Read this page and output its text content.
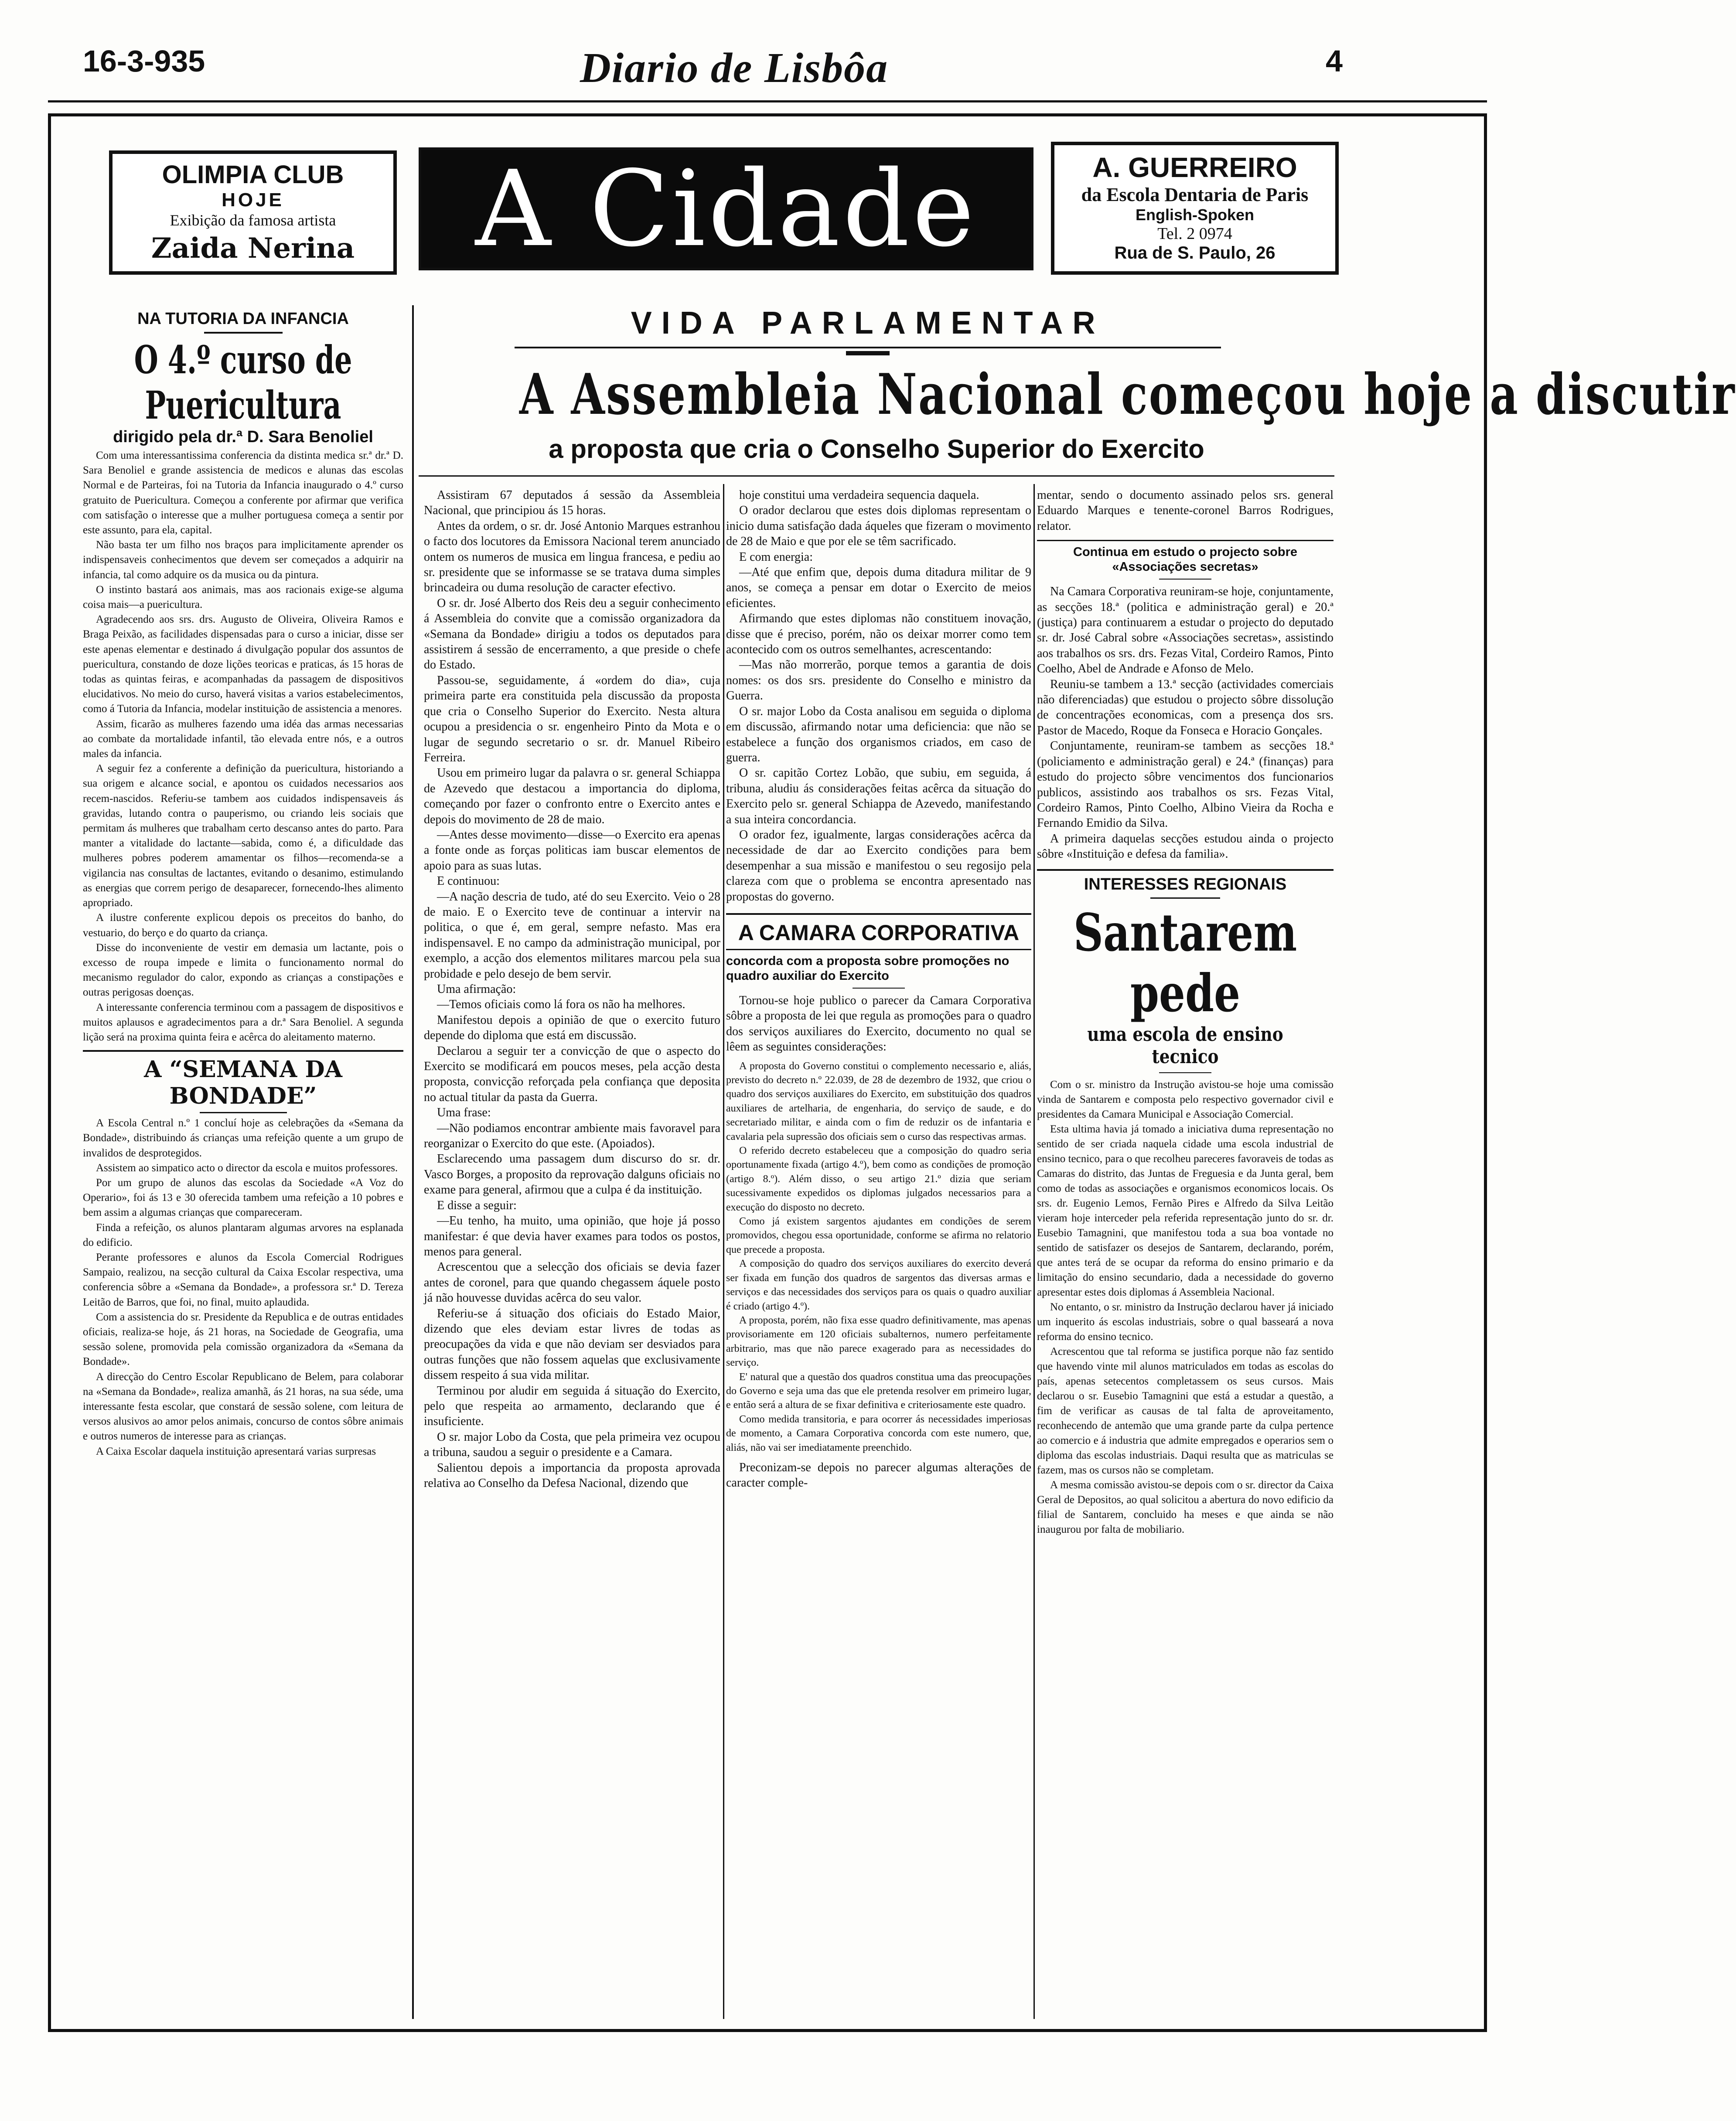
16-3-935	Diario de Lisbôa	4
OLIMPIA CLUB
HOJE
Exibição da famosa artista
Zaida Nerina	A Cidade	A. GUERREIRO
da Escola Dentaria de Paris
English-Spoken
Tel. 2 0974
Rua de S. Paulo, 26
NA TUTORIA DA INFANCIA
O 4.º curso de Puericultura
dirigido pela dr.ª D. Sara Benoliel

Com uma interessantissima conferencia da distinta medica sr.ª dr.ª D. Sara Benoliel e grande assistencia de medicos e alunas das escolas Normal e de Parteiras, foi na Tutoria da Infancia inaugurado o 4.º curso gratuito de Puericultura. Começou a conferente por afirmar que verifica com satisfação o interesse que a mulher portuguesa começa a sentir por este assunto, para ela, capital.

Não basta ter um filho nos braços para implicitamente aprender os indispensaveis conhecimentos que devem ser começados a adquirir na infancia, tal como adquire os da musica ou da pintura.

O instinto bastará aos animais, mas aos racionais exige-se alguma coisa mais—a puericultura.

Agradecendo aos srs. drs. Augusto de Oliveira, Oliveira Ramos e Braga Peixão, as facilidades dispensadas para o curso a iniciar, disse ser este apenas elementar e destinado á divulgação popular dos assuntos de puericultura, constando de doze lições teoricas e praticas, ás 15 horas de todas as quintas feiras, e acompanhadas da passagem de dispositivos elucidativos. No meio do curso, haverá visitas a varios estabelecimentos, como á Tutoria da Infancia, modelar instituição de assistencia a menores.

Assim, ficarão as mulheres fazendo uma idéa das armas necessarias ao combate da mortalidade infantil, tão elevada entre nós, e a outros males da infancia.

A seguir fez a conferente a definição da puericultura, historiando a sua origem e alcance social, e apontou os cuidados necessarios aos recem-nascidos. Referiu-se tambem aos cuidados indispensaveis ás gravidas, lutando contra o pauperismo, ou criando leis sociais que permitam ás mulheres que trabalham certo descanso antes do parto. Para manter a vitalidade do lactante—sabida, como é, a dificuldade das mulheres pobres poderem amamentar os filhos—recomenda-se a vigilancia nas consultas de lactantes, evitando o desanimo, estimulando as energias que correm perigo de desaparecer, fornecendo-lhes alimento apropriado.

A ilustre conferente explicou depois os preceitos do banho, do vestuario, do berço e do quarto da criança.

Disse do inconveniente de vestir em demasia um lactante, pois o excesso de roupa impede e limita o funcionamento normal do mecanismo regulador do calor, expondo as crianças a constipações e outras perigosas doenças.

A interessante conferencia terminou com a passagem de dispositivos e muitos aplausos e agradecimentos para a dr.ª Sara Benoliel. A segunda lição será na proxima quinta feira e acêrca do aleitamento materno.

A “SEMANA DA BONDADE”

A Escola Central n.º 1 concluí hoje as celebrações da «Semana da Bondade», distribuindo ás crianças uma refeição quente a um grupo de invalidos de desprotegidos.

Assistem ao simpatico acto o director da escola e muitos professores.

Por um grupo de alunos das escolas da Sociedade «A Voz do Operario», foi ás 13 e 30 oferecida tambem uma refeição a 10 pobres e bem assim a algumas crianças que compareceram.

Finda a refeição, os alunos plantaram algumas arvores na esplanada do edificio.

Perante professores e alunos da Escola Comercial Rodrigues Sampaio, realizou, na secção cultural da Caixa Escolar respectiva, uma conferencia sôbre a «Semana da Bondade», a professora sr.ª D. Tereza Leitão de Barros, que foi, no final, muito aplaudida.

Com a assistencia do sr. Presidente da Republica e de outras entidades oficiais, realiza-se hoje, ás 21 horas, na Sociedade de Geografia, uma sessão solene, promovida pela comissão organizadora da «Semana da Bondade».

A direcção do Centro Escolar Republicano de Belem, para colaborar na «Semana da Bondade», realiza amanhã, ás 21 horas, na sua séde, uma interessante festa escolar, que constará de sessão solene, com leitura de versos alusivos ao amor pelos animais, concurso de contos sôbre animais e outros numeros de interesse para as crianças.

A Caixa Escolar daquela instituição apresentará varias surpresas

VIDA PARLAMENTAR
A Assembleia Nacional começou hoje a discutir
a proposta que cria o Conselho Superior do Exercito

Assistiram 67 deputados á sessão da Assembleia Nacional, que principiou ás 15 horas.

Antes da ordem, o sr. dr. José Antonio Marques estranhou o facto dos locutores da Emissora Nacional terem anunciado ontem os numeros de musica em lingua francesa, e pediu ao sr. presidente que se informasse se se tratava duma simples brincadeira ou duma resolução de caracter efectivo.

O sr. dr. José Alberto dos Reis deu a seguir conhecimento á Assembleia do convite que a comissão organizadora da «Semana da Bondade» dirigiu a todos os deputados para assistirem á sessão de encerramento, a que preside o chefe do Estado.

Passou-se, seguidamente, á «ordem do dia», cuja primeira parte era constituida pela discussão da proposta que cria o Conselho Superior do Exercito. Nesta altura ocupou a presidencia o sr. engenheiro Pinto da Mota e o lugar de segundo secretario o sr. dr. Manuel Ribeiro Ferreira.

Usou em primeiro lugar da palavra o sr. general Schiappa de Azevedo que destacou a importancia do diploma, começando por fazer o confronto entre o Exercito antes e depois do movimento de 28 de maio.

—Antes desse movimento—disse—o Exercito era apenas a fonte onde as forças politicas iam buscar elementos de apoio para as suas lutas.

E continuou:

—A nação descria de tudo, até do seu Exercito. Veio o 28 de maio. E o Exercito teve de continuar a intervir na politica, o que é, em geral, sempre nefasto. Mas era indispensavel. E no campo da administração municipal, por exemplo, a acção dos elementos militares marcou pela sua probidade e pelo desejo de bem servir.

Uma afirmação:

—Temos oficiais como lá fora os não ha melhores.

Manifestou depois a opinião de que o exercito futuro depende do diploma que está em discussão.

Declarou a seguir ter a convicção de que o aspecto do Exercito se modificará em poucos meses, pela acção desta proposta, convicção reforçada pela confiança que deposita no actual titular da pasta da Guerra.

Uma frase:

—Não podiamos encontrar ambiente mais favoravel para reorganizar o Exercito do que este. (Apoiados).

Esclarecendo uma passagem dum discurso do sr. dr. Vasco Borges, a proposito da reprovação dalguns oficiais no exame para general, afirmou que a culpa é da instituição.

E disse a seguir:

—Eu tenho, ha muito, uma opinião, que hoje já posso manifestar: é que devia haver exames para todos os postos, menos para general.

Acrescentou que a selecção dos oficiais se devia fazer antes de coronel, para que quando chegassem áquele posto já não houvesse duvidas acêrca do seu valor.

Referiu-se á situação dos oficiais do Estado Maior, dizendo que eles deviam estar livres de todas as preocupações da vida e que não deviam ser desviados para outras funções que não fossem aquelas que exclusivamente dissem respeito á sua vida militar.

Terminou por aludir em seguida á situação do Exercito, pelo que respeita ao armamento, declarando que é insuficiente.

O sr. major Lobo da Costa, que pela primeira vez ocupou a tribuna, saudou a seguir o presidente e a Camara.

Salientou depois a importancia da proposta aprovada relativa ao Conselho da Defesa Nacional, dizendo que

hoje constitui uma verdadeira sequencia daquela.

O orador declarou que estes dois diplomas representam o inicio duma satisfação dada áqueles que fizeram o movimento de 28 de Maio e que por ele se têm sacrificado.

E com energia:

—Até que enfim que, depois duma ditadura militar de 9 anos, se começa a pensar em dotar o Exercito de meios eficientes.

Afirmando que estes diplomas não constituem inovação, disse que é preciso, porém, não os deixar morrer como tem acontecido com os outros semelhantes, acrescentando:

—Mas não morrerão, porque temos a garantia de dois nomes: os dos srs. presidente do Conselho e ministro da Guerra.

O sr. major Lobo da Costa analisou em seguida o diploma em discussão, afirmando notar uma deficiencia: que não se estabelece a função dos organismos criados, em caso de guerra.

O sr. capitão Cortez Lobão, que subiu, em seguida, á tribuna, aludiu ás considerações feitas acêrca da situação do Exercito pelo sr. general Schiappa de Azevedo, manifestando a sua inteira concordancia.

O orador fez, igualmente, largas considerações acêrca da necessidade de dar ao Exercito condições para bem desempenhar a sua missão e manifestou o seu regosijo pela clareza com que o problema se encontra apresentado nas propostas do governo.

A CAMARA CORPORATIVA
concorda com a proposta sobre promoções no quadro auxiliar do Exercito

Tornou-se hoje publico o parecer da Camara Corporativa sôbre a proposta de lei que regula as promoções para o quadro dos serviços auxiliares do Exercito, documento no qual se lêem as seguintes considerações:

A proposta do Governo constitui o complemento necessario e, aliás, previsto do decreto n.º 22.039, de 28 de dezembro de 1932, que criou o quadro dos serviços auxiliares do Exercito, em substituição dos quadros auxiliares de artelharia, de engenharia, do serviço de saude, e do secretariado militar, e ainda com o fim de reduzir os de infantaria e cavalaria pela supressão dos oficiais sem o curso das respectivas armas.

O referido decreto estabeleceu que a composição do quadro seria oportunamente fixada (artigo 4.º), bem como as condições de promoção (artigo 8.º). Além disso, o seu artigo 21.º dizia que seriam sucessivamente expedidos os diplomas julgados necessarios para a execução do disposto no decreto.

Como já existem sargentos ajudantes em condições de serem promovidos, chegou essa oportunidade, conforme se afirma no relatorio que precede a proposta.

A composição do quadro dos serviços auxiliares do exercito deverá ser fixada em função dos quadros de sargentos das diversas armas e serviços e das necessidades dos serviços para os quais o quadro auxiliar é criado (artigo 4.º).

A proposta, porém, não fixa esse quadro definitivamente, mas apenas provisoriamente em 120 oficiais subalternos, numero perfeitamente arbitrario, mas que não parece exagerado para as necessidades do serviço.

E' natural que a questão dos quadros constitua uma das preocupações do Governo e seja uma das que ele pretenda resolver em primeiro lugar, e então será a altura de se fixar definitiva e criteriosamente este quadro.

Como medida transitoria, e para ocorrer ás necessidades imperiosas de momento, a Camara Corporativa concorda com este numero, que, aliás, não vai ser imediatamente preenchido.

Preconizam-se depois no parecer algumas alterações de caracter comple-

mentar, sendo o documento assinado pelos srs. general Eduardo Marques e tenente-coronel Barros Rodrigues, relator.

Continua em estudo o projecto sobre «Associações secretas»

Na Camara Corporativa reuniram-se hoje, conjuntamente, as secções 18.ª (politica e administração geral) e 20.ª (justiça) para continuarem a estudar o projecto do deputado sr. dr. José Cabral sobre «Associações secretas», assistindo aos trabalhos os srs. drs. Fezas Vital, Cordeiro Ramos, Pinto Coelho, Abel de Andrade e Afonso de Melo.

Reuniu-se tambem a 13.ª secção (actividades comerciais não diferenciadas) que estudou o projecto sôbre dissolução de concentrações economicas, com a presença dos srs. Pastor de Macedo, Roque da Fonseca e Horacio Gonçales.

Conjuntamente, reuniram-se tambem as secções 18.ª (policiamento e administração geral) e 24.ª (finanças) para estudo do projecto sôbre vencimentos dos funcionarios publicos, assistindo aos trabalhos os srs. Fezas Vital, Cordeiro Ramos, Pinto Coelho, Albino Vieira da Rocha e Fernando Emidio da Silva.

A primeira daquelas secções estudou ainda o projecto sôbre «Instituição e defesa da familia».

INTERESSES REGIONAIS
Santarem pede
uma escola de ensino tecnico

Com o sr. ministro da Instrução avistou-se hoje uma comissão vinda de Santarem e composta pelo respectivo governador civil e presidentes da Camara Municipal e Associação Comercial.

Esta ultima havia já tomado a iniciativa duma representação no sentido de ser criada naquela cidade uma escola industrial de ensino tecnico, para o que recolheu pareceres favoraveis de todas as Camaras do distrito, das Juntas de Freguesia e da Junta geral, bem como de todas as associações e organismos economicos locais. Os srs. dr. Eugenio Lemos, Fernão Pires e Alfredo da Silva Leitão vieram hoje interceder pela referida representação junto do sr. dr. Eusebio Tamagnini, que manifestou toda a sua boa vontade no sentido de satisfazer os desejos de Santarem, declarando, porém, que antes terá de se ocupar da reforma do ensino primario e da limitação do ensino secundario, dada a necessidade do governo apresentar estes dois diplomas á Assembleia Nacional.

No entanto, o sr. ministro da Instrução declarou haver já iniciado um inquerito ás escolas industriais, sobre o qual basseará a nova reforma do ensino tecnico.

Acrescentou que tal reforma se justifica porque não faz sentido que havendo vinte mil alunos matriculados em todas as escolas do país, apenas setecentos completassem os seus cursos. Mais declarou o sr. Eusebio Tamagnini que está a estudar a questão, a fim de verificar as causas de tal falta de aproveitamento, reconhecendo de antemão que uma grande parte da culpa pertence ao comercio e á industria que admite empregados e operarios sem o diploma das escolas industriais. Daqui resulta que as matriculas se fazem, mas os cursos não se completam.

A mesma comissão avistou-se depois com o sr. director da Caixa Geral de Depositos, ao qual solicitou a abertura do novo edificio da filial de Santarem, concluido ha meses e que ainda se não inaugurou por falta de mobiliario.
